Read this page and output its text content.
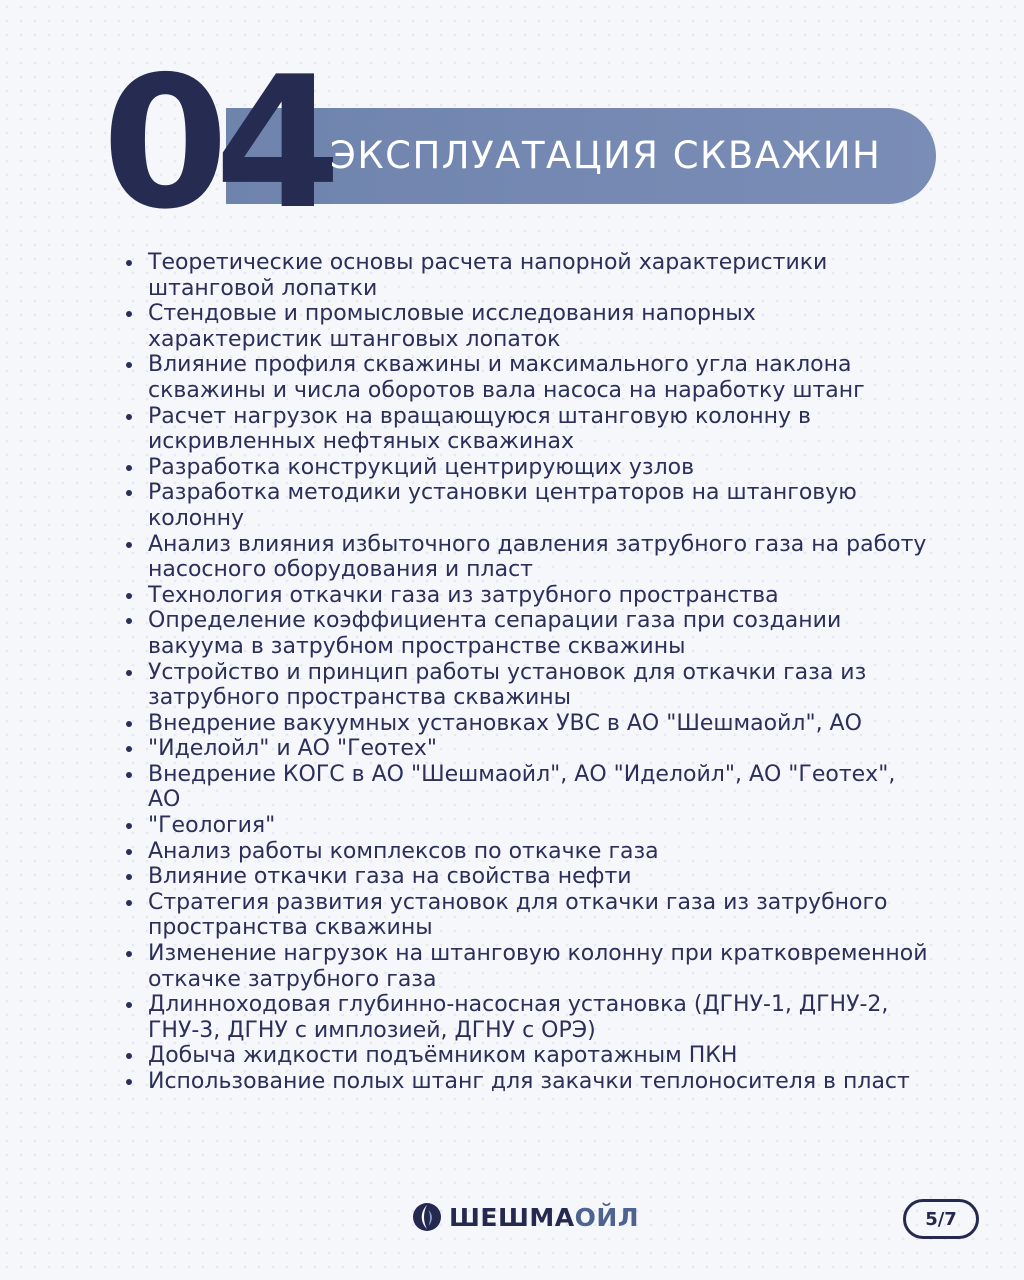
04 ЭКСПЛУАТАЦИЯ СКВАЖИН
Теоретические основы расчета напорной характеристики штанговой лопатки
Стендовые и промысловые исследования напорных характеристик штанговых лопаток
Влияние профиля скважины и максимального угла наклона скважины и числа оборотов вала насоса на наработку штанг
Расчет нагрузок на вращающуюся штанговую колонну в искривленных нефтяных скважинах
Разработка конструкций центрирующих узлов
Разработка методики установки центраторов на штанговую колонну
Анализ влияния избыточного давления затрубного газа на работу насосного оборудования и пласт
Технология откачки газа из затрубного пространства
Определение коэффициента сепарации газа при создании вакуума в затрубном пространстве скважины
Устройство и принцип работы установок для откачки газа из затрубного пространства скважины
Внедрение вакуумных установках УВС в АО "Шешмаойл", АО
"Иделойл" и АО "Геотех"
Внедрение КОГС в АО "Шешмаойл", АО "Иделойл", АО "Геотех", АО
"Геология"
Анализ работы комплексов по откачке газа
Влияние откачки газа на свойства нефти
Стратегия развития установок для откачки газа из затрубного пространства скважины
Изменение нагрузок на штанговую колонну при кратковременной откачке затрубного газа
Длинноходовая глубинно-насосная установка (ДГНУ-1, ДГНУ-2, ГНУ-3, ДГНУ с имплозией, ДГНУ с ОРЭ)
Добыча жидкости подъёмником каротажным ПКН
Использование полых штанг для закачки теплоносителя в пласт
ШЕШМАОЙЛ	5/7
